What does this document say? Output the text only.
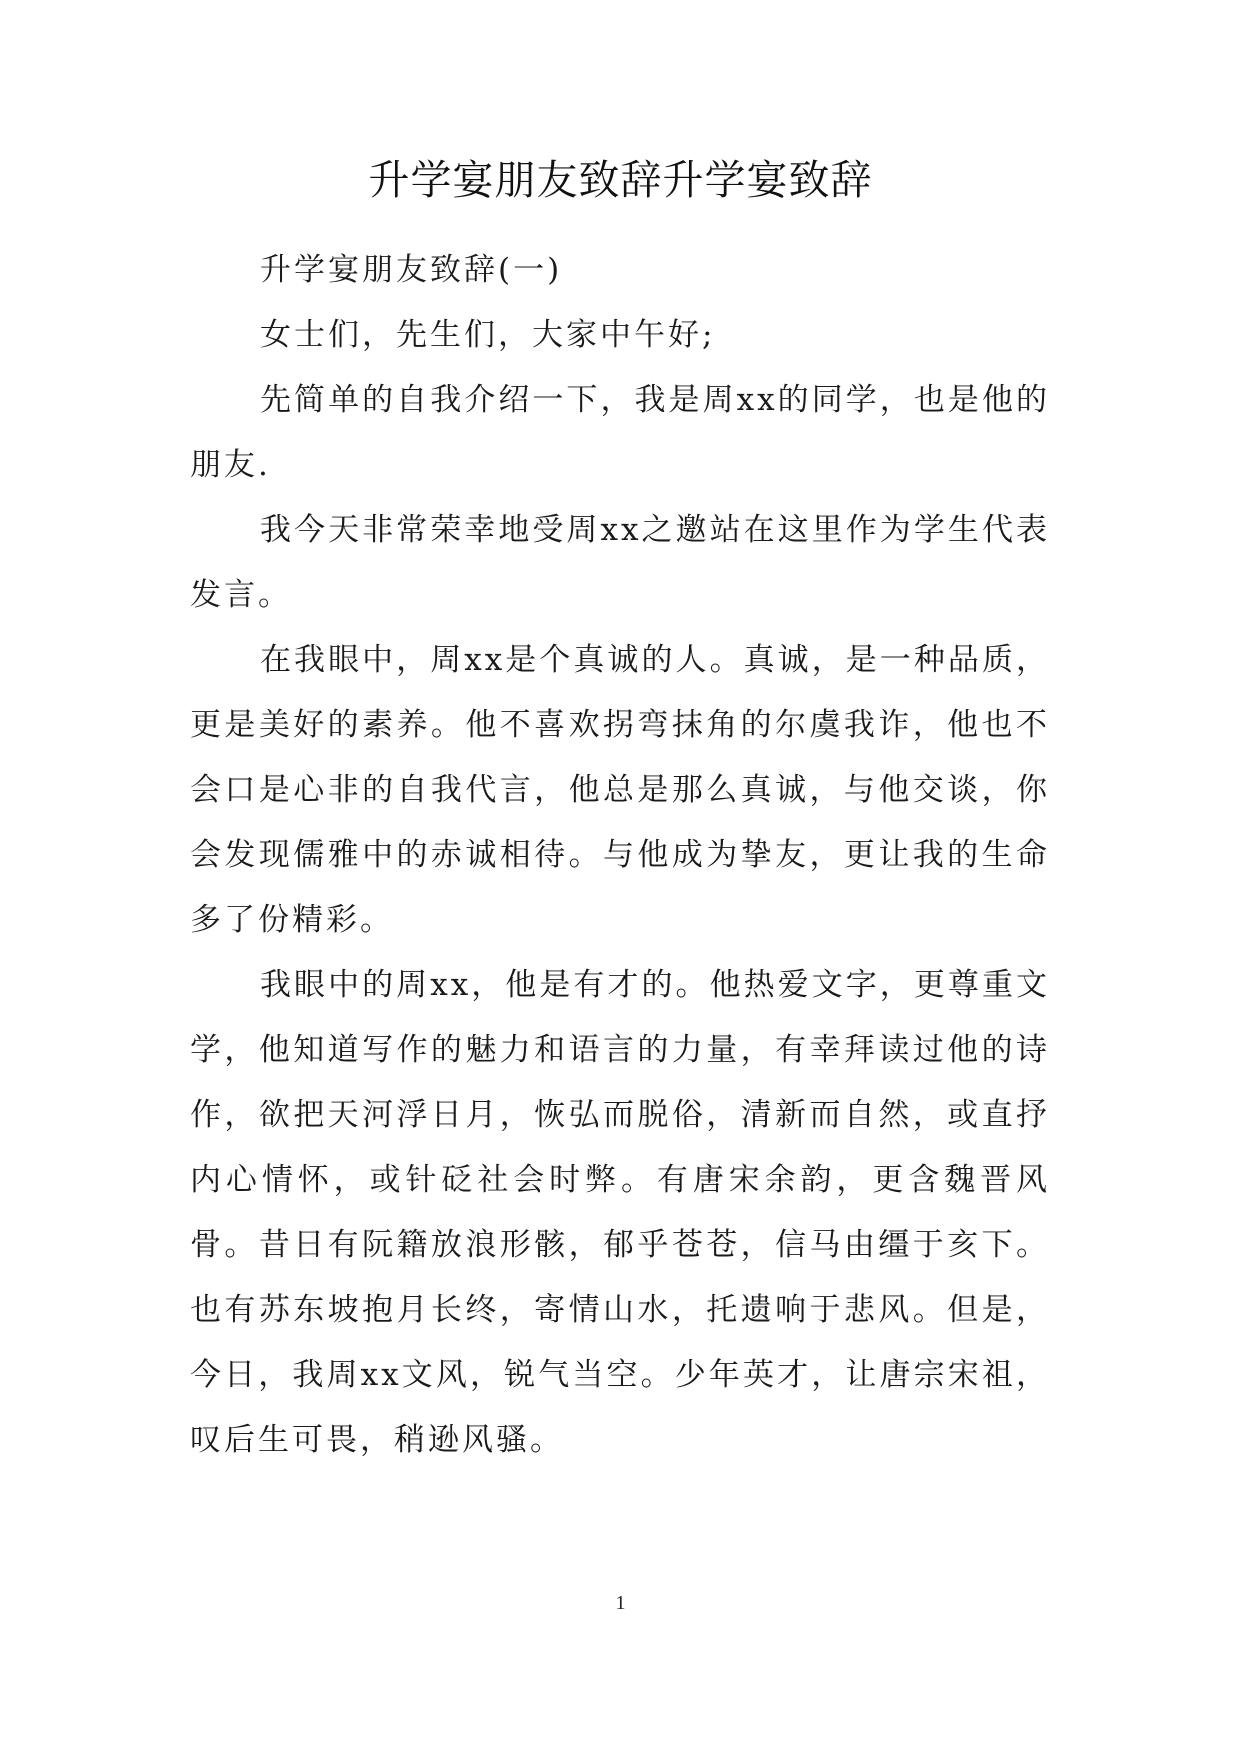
升学宴朋友致辞升学宴致辞

升学宴朋友致辞(一)

女士们，先生们，大家中午好;

先简单的自我介绍一下，我是周xx的同学，也是他的朋友.

我今天非常荣幸地受周xx之邀站在这里作为学生代表发言。

在我眼中，周xx是个真诚的人。真诚，是一种品质，更是美好的素养。他不喜欢拐弯抹角的尔虞我诈，他也不会口是心非的自我代言，他总是那么真诚，与他交谈，你会发现儒雅中的赤诚相待。与他成为挚友，更让我的生命多了份精彩。

我眼中的周xx，他是有才的。他热爱文字，更尊重文学，他知道写作的魅力和语言的力量，有幸拜读过他的诗作，欲把天河浮日月，恢弘而脱俗，清新而自然，或直抒内心情怀，或针砭社会时弊。有唐宋余韵，更含魏晋风骨。昔日有阮籍放浪形骸，郁乎苍苍，信马由缰于亥下。也有苏东坡抱月长终，寄情山水，托遗响于悲风。但是，今日，我周xx文风，锐气当空。少年英才，让唐宗宋祖，叹后生可畏，稍逊风骚。

1
